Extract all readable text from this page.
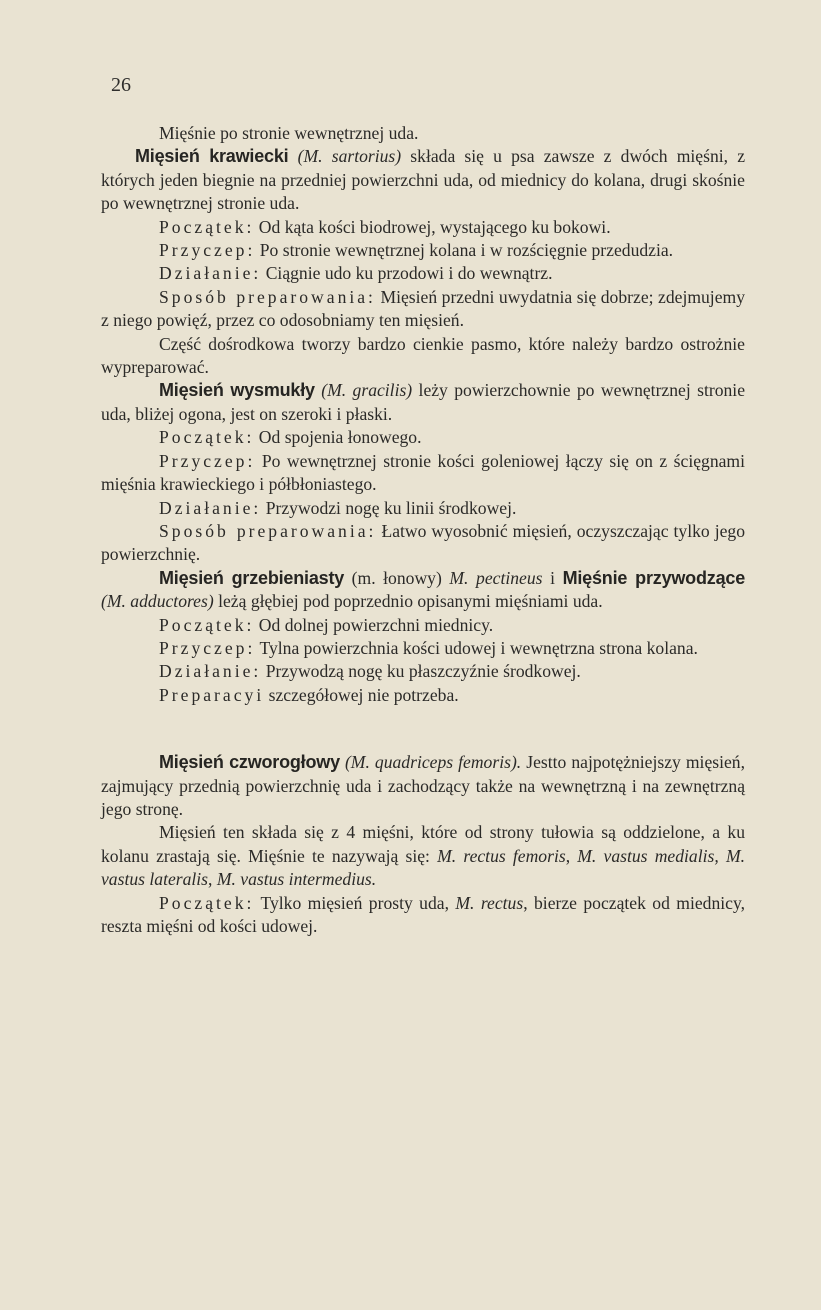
26

Mięśnie po stronie wewnętrznej uda.

Mięsień krawiecki (M. sartorius) składa się u psa zawsze z dwóch mięśni, z których jeden biegnie na przedniej powierzchni uda, od miednicy do kolana, drugi skośnie po wewnętrznej stronie uda.

Początek: Od kąta kości biodrowej, wystającego ku bokowi.

Przyczep: Po stronie wewnętrznej kolana i w rozścięgnie przedudzia.

Działanie: Ciągnie udo ku przodowi i do wewnątrz.

Sposób preparowania: Mięsień przedni uwydatnia się dobrze; zdejmujemy z niego powięź, przez co odosobniamy ten mięsień.

Część dośrodkowa tworzy bardzo cienkie pasmo, które należy bardzo ostrożnie wypreparować.

Mięsień wysmukły (M. gracilis) leży powierzchownie po wewnętrznej stronie uda, bliżej ogona, jest on szeroki i płaski.

Początek: Od spojenia łonowego.

Przyczep: Po wewnętrznej stronie kości goleniowej łączy się on z ścięgnami mięśnia krawieckiego i półbłoniastego.

Działanie: Przywodzi nogę ku linii środkowej.

Sposób preparowania: Łatwo wyosobnić mięsień, oczyszczając tylko jego powierzchnię.

Mięsień grzebieniasty (m. łonowy) M. pectineus i Mięśnie przywodzące (M. adductores) leżą głębiej pod poprzednio opisanymi mięśniami uda.

Początek: Od dolnej powierzchni miednicy.

Przyczep: Tylna powierzchnia kości udowej i wewnętrzna strona kolana.

Działanie: Przywodzą nogę ku płaszczyźnie środkowej.

Preparacyi szczegółowej nie potrzeba.

Mięsień czworogłowy (M. quadriceps femoris). Jestto najpotężniejszy mięsień, zajmujący przednią powierzchnię uda i zachodzący także na wewnętrzną i na zewnętrzną jego stronę.

Mięsień ten składa się z 4 mięśni, które od strony tułowia są oddzielone, a ku kolanu zrastają się. Mięśnie te nazywają się: M. rectus femoris, M. vastus medialis, M. vastus lateralis, M. vastus intermedius.

Początek: Tylko mięsień prosty uda, M. rectus, bierze początek od miednicy, reszta mięśni od kości udowej.
